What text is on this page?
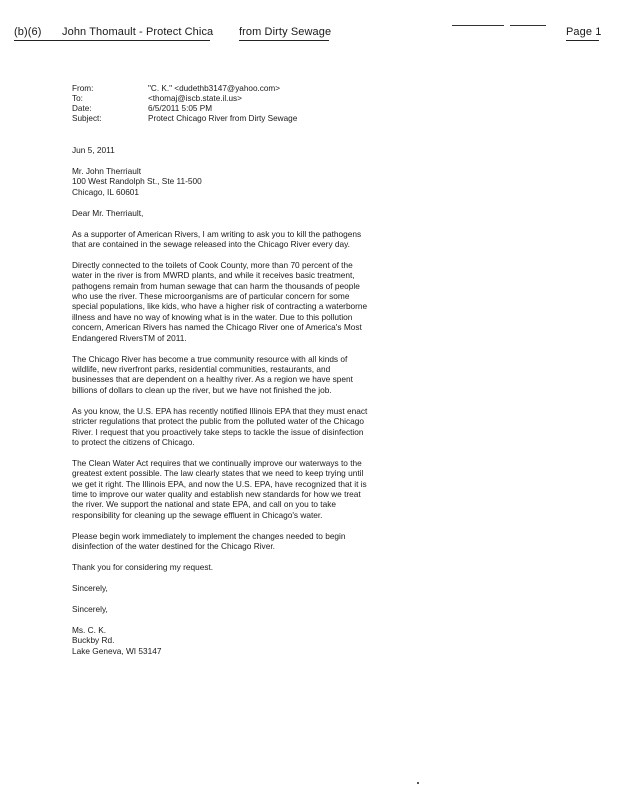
(b)(6) John Thomault - Protect Chica from Dirty Sewage	Page 1
From:	"C. K." <dudethb3147@yahoo.com>
To:	<thomaj@iscb.state.il.us>
Date:	6/5/2011 5:05 PM
Subject:	Protect Chicago River from Dirty Sewage

Jun 5, 2011

Mr. John Therriault
100 West Randolph St., Ste 11-500
Chicago, IL 60601

Dear Mr. Therriault,

As a supporter of American Rivers, I am writing to ask you to kill the pathogens that are contained in the sewage released into the Chicago River every day.

Directly connected to the toilets of Cook County, more than 70 percent of the water in the river is from MWRD plants, and while it receives basic treatment, pathogens remain from human sewage that can harm the thousands of people who use the river. These microorganisms are of particular concern for some special populations, like kids, who have a higher risk of contracting a waterborne illness and have no way of knowing what is in the water. Due to this pollution concern, American Rivers has named the Chicago River one of America's Most Endangered RiversTM of 2011.

The Chicago River has become a true community resource with all kinds of wildlife, new riverfront parks, residential communities, restaurants, and businesses that are dependent on a healthy river. As a region we have spent billions of dollars to clean up the river, but we have not finished the job.

As you know, the U.S. EPA has recently notified Illinois EPA that they must enact stricter regulations that protect the public from the polluted water of the Chicago River. I request that you proactively take steps to tackle the issue of disinfection to protect the citizens of Chicago.

The Clean Water Act requires that we continually improve our waterways to the greatest extent possible. The law clearly states that we need to keep trying until we get it right. The Illinois EPA, and now the U.S. EPA, have recognized that it is time to improve our water quality and establish new standards for how we treat the river. We support the national and state EPA, and call on you to take responsibility for cleaning up the sewage effluent in Chicago's water.

Please begin work immediately to implement the changes needed to begin disinfection of the water destined for the Chicago River.

Thank you for considering my request.

Sincerely,

Sincerely,

Ms. C. K.
Buckby Rd.
Lake Geneva, WI 53147
